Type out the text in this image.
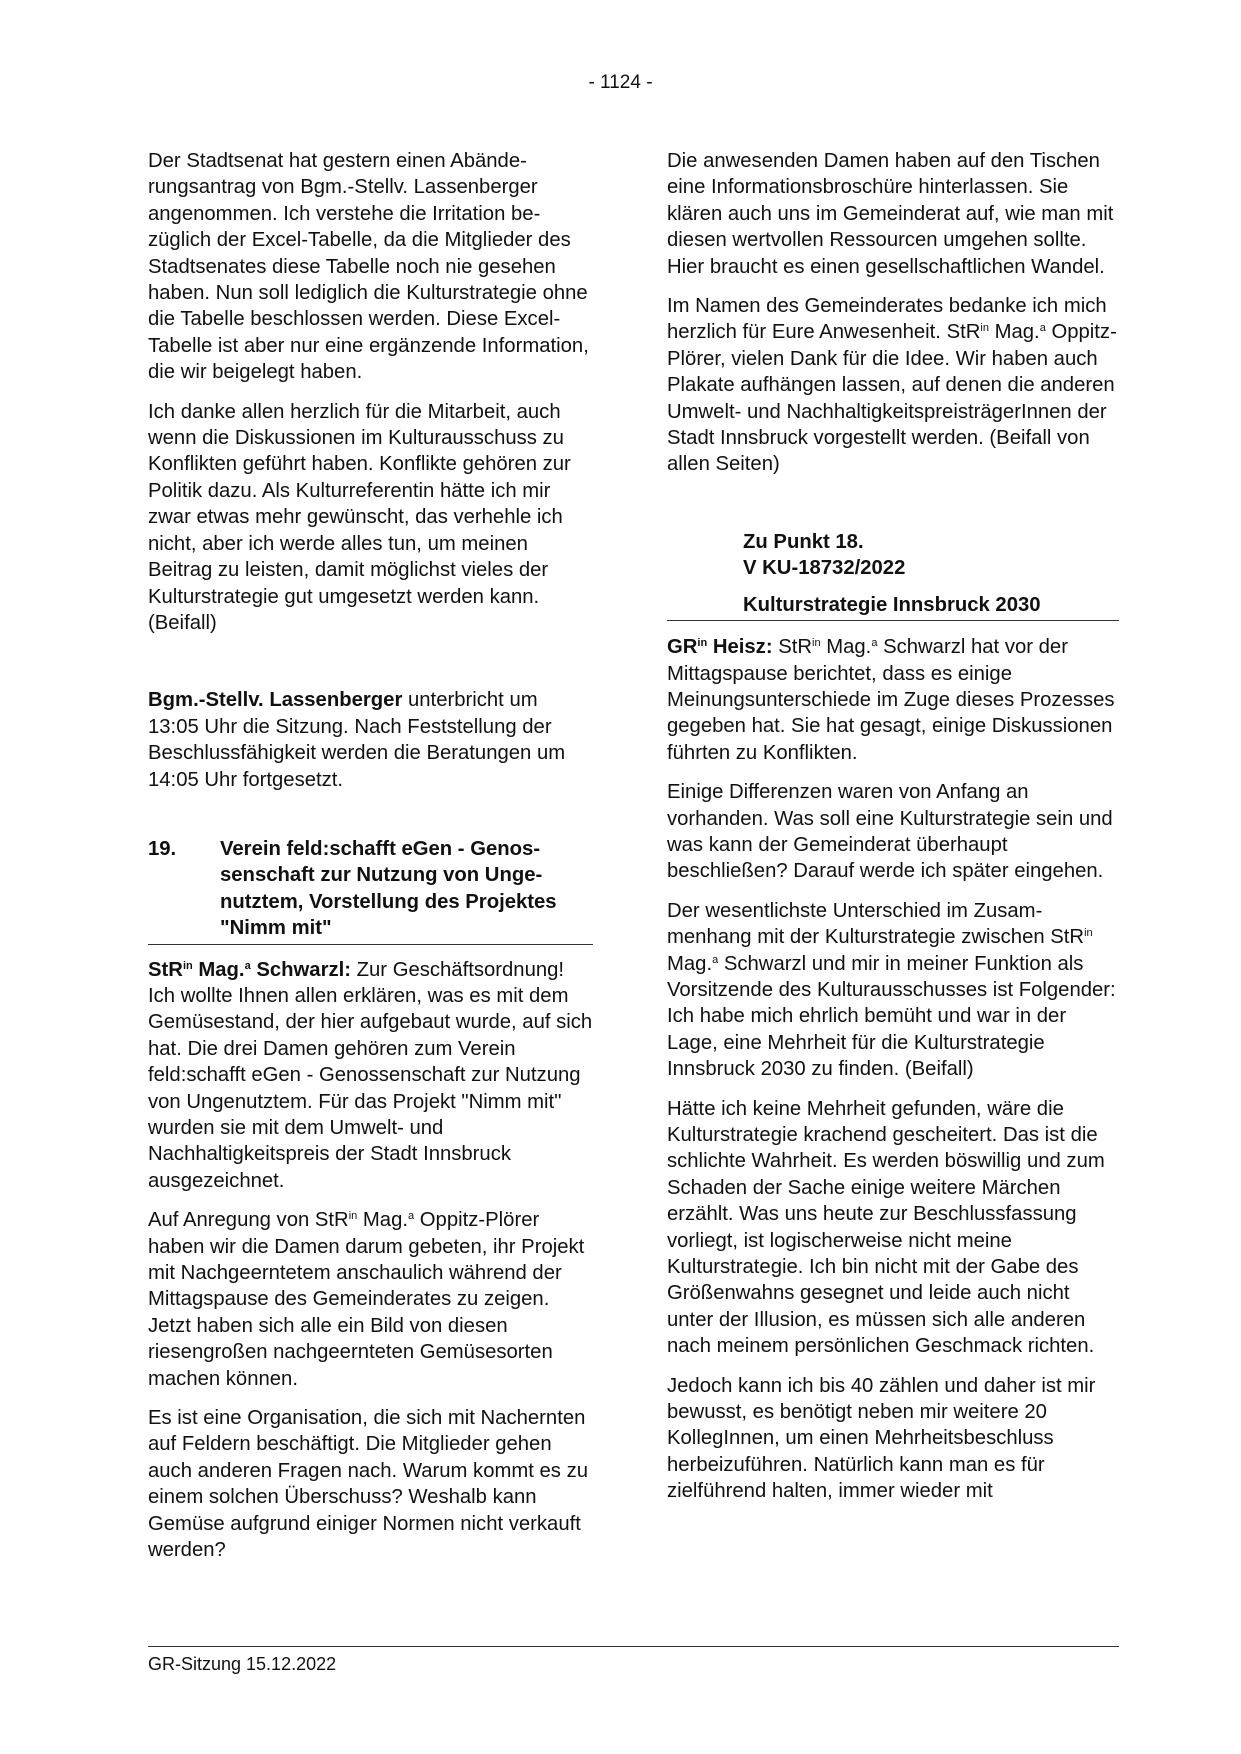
- 1124 -

Der Stadtsenat hat gestern einen Abänderungsantrag von Bgm.-Stellv. Lassenberger angenommen. Ich verstehe die Irritation bezüglich der Excel-Tabelle, da die Mitglieder des Stadtsenates diese Tabelle noch nie gesehen haben. Nun soll lediglich die Kulturstrategie ohne die Tabelle beschlossen werden. Diese Excel-Tabelle ist aber nur eine ergänzende Information, die wir beigelegt haben.

Ich danke allen herzlich für die Mitarbeit, auch wenn die Diskussionen im Kulturausschuss zu Konflikten geführt haben. Konflikte gehören zur Politik dazu. Als Kulturreferentin hätte ich mir zwar etwas mehr gewünscht, das verhehle ich nicht, aber ich werde alles tun, um meinen Beitrag zu leisten, damit möglichst vieles der Kulturstrategie gut umgesetzt werden kann. (Beifall)

Bgm.-Stellv. Lassenberger unterbricht um 13:05 Uhr die Sitzung. Nach Feststellung der Beschlussfähigkeit werden die Beratungen um 14:05 Uhr fortgesetzt.

19.	Verein feld:schafft eGen - Genossenschaft zur Nutzung von Ungenutztem, Vorstellung des Projektes "Nimm mit"

StR$^{in}$ Mag.$^a$ Schwarzl: Zur Geschäftsordnung! Ich wollte Ihnen allen erklären, was es mit dem Gemüsestand, der hier aufgebaut wurde, auf sich hat. Die drei Damen gehören zum Verein feld:schafft eGen - Genossenschaft zur Nutzung von Ungenutztem. Für das Projekt "Nimm mit" wurden sie mit dem Umwelt- und Nachhaltigkeitspreis der Stadt Innsbruck ausgezeichnet.

Auf Anregung von StR$^{in}$ Mag.$^a$ Oppitz-Plörer haben wir die Damen darum gebeten, ihr Projekt mit Nachgeerntetem anschaulich während der Mittagspause des Gemeinderates zu zeigen. Jetzt haben sich alle ein Bild von diesen riesengroßen nachgeernteten Gemüsesorten machen können.

Es ist eine Organisation, die sich mit Nachernten auf Feldern beschäftigt. Die Mitglieder gehen auch anderen Fragen nach. Warum kommt es zu einem solchen Überschuss? Weshalb kann Gemüse aufgrund einiger Normen nicht verkauft werden?

Die anwesenden Damen haben auf den Tischen eine Informationsbroschüre hinterlassen. Sie klären auch uns im Gemeinderat auf, wie man mit diesen wertvollen Ressourcen umgehen sollte. Hier braucht es einen gesellschaftlichen Wandel.

Im Namen des Gemeinderates bedanke ich mich herzlich für Eure Anwesenheit. StR$^{in}$ Mag.$^a$ Oppitz-Plörer, vielen Dank für die Idee. Wir haben auch Plakate aufhängen lassen, auf denen die anderen Umwelt- und NachhaltigkeitspreisträgerInnen der Stadt Innsbruck vorgestellt werden. (Beifall von allen Seiten)

Zu Punkt 18.
V KU-18732/2022
Kulturstrategie Innsbruck 2030

$GR^{in}$ Heisz: StR$^{in}$ Mag.$^a$ Schwarzl hat vor der Mittagspause berichtet, dass es einige Meinungsunterschiede im Zuge dieses Prozesses gegeben hat. Sie hat gesagt, einige Diskussionen führten zu Konflikten.

Einige Differenzen waren von Anfang an vorhanden. Was soll eine Kulturstrategie sein und was kann der Gemeinderat überhaupt beschließen? Darauf werde ich später eingehen.

Der wesentlichste Unterschied im Zusammenhang mit der Kulturstrategie zwischen StR$^{in}$ Mag.$^a$ Schwarzl und mir in meiner Funktion als Vorsitzende des Kulturausschusses ist Folgender: Ich habe mich ehrlich bemüht und war in der Lage, eine Mehrheit für die Kulturstrategie Innsbruck 2030 zu finden. (Beifall)

Hätte ich keine Mehrheit gefunden, wäre die Kulturstrategie krachend gescheitert. Das ist die schlichte Wahrheit. Es werden böswillig und zum Schaden der Sache einige weitere Märchen erzählt. Was uns heute zur Beschlussfassung vorliegt, ist logischerweise nicht meine Kulturstrategie. Ich bin nicht mit der Gabe des Größenwahns gesegnet und leide auch nicht unter der Illusion, es müssen sich alle anderen nach meinem persönlichen Geschmack richten.

Jedoch kann ich bis 40 zählen und daher ist mir bewusst, es benötigt neben mir weitere 20 KollegInnen, um einen Mehrheitsbeschluss herbeizuführen. Natürlich kann man es für zielführend halten, immer wieder mit

GR-Sitzung 15.12.2022
